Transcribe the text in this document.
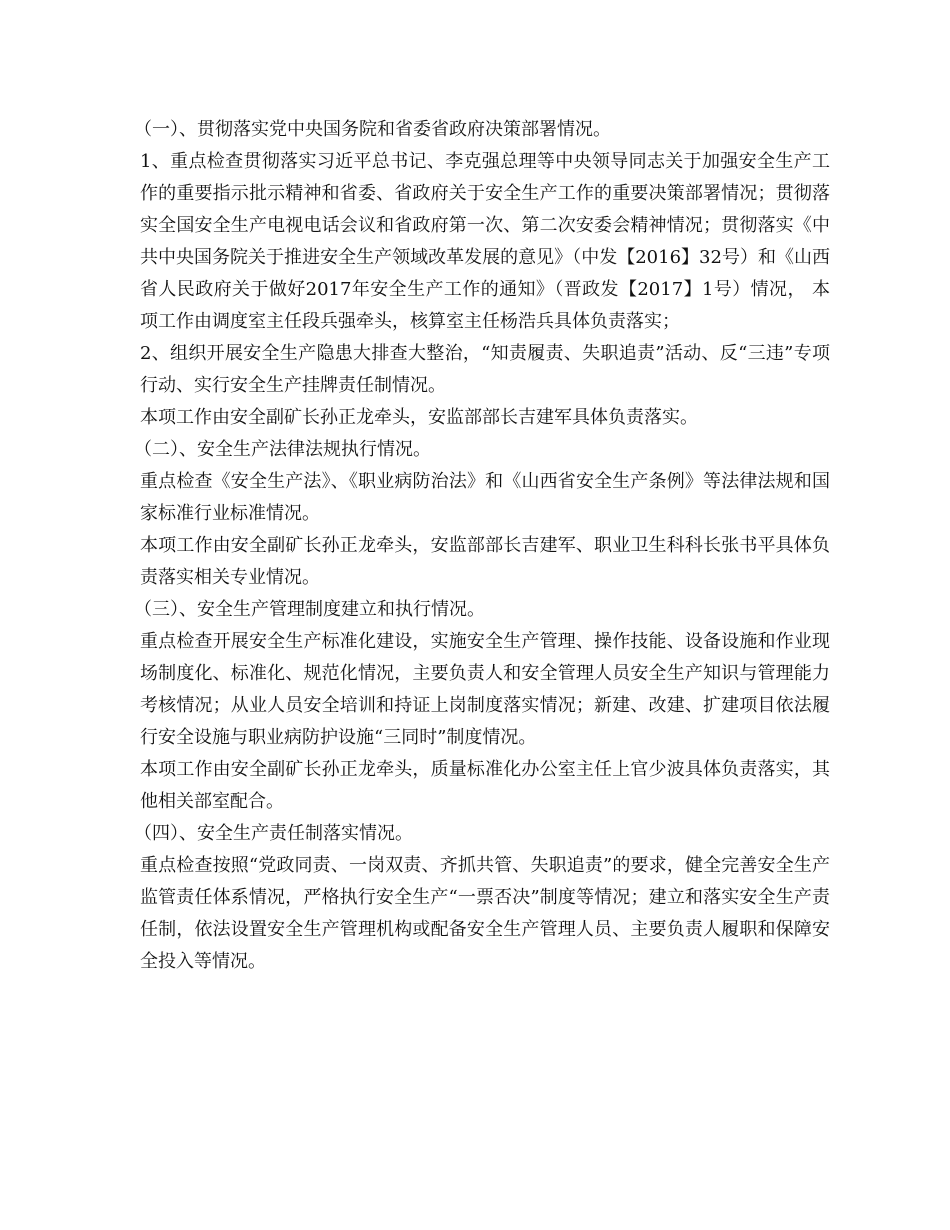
（一）、贯彻落实党中央国务院和省委省政府决策部署情况。

1、重点检查贯彻落实习近平总书记、李克强总理等中央领导同志关于加强安全生产工作的重要指示批示精神和省委、省政府关于安全生产工作的重要决策部署情况；贯彻落实全国安全生产电视电话会议和省政府第一次、第二次安委会精神情况；贯彻落实《中共中央国务院关于推进安全生产领域改革发展的意见》（中发【2016】32号）和《山西省人民政府关于做好2017年安全生产工作的通知》（晋政发【2017】1号）情况， 本项工作由调度室主任段兵强牵头，核算室主任杨浩兵具体负责落实；

2、组织开展安全生产隐患大排查大整治，“知责履责、失职追责”活动、反“三违”专项行动、实行安全生产挂牌责任制情况。

本项工作由安全副矿长孙正龙牵头，安监部部长吉建军具体负责落实。

（二）、安全生产法律法规执行情况。

重点检查《安全生产法》、《职业病防治法》和《山西省安全生产条例》等法律法规和国家标准行业标准情况。

本项工作由安全副矿长孙正龙牵头，安监部部长吉建军、职业卫生科科长张书平具体负责落实相关专业情况。

（三）、安全生产管理制度建立和执行情况。

重点检查开展安全生产标准化建设，实施安全生产管理、操作技能、设备设施和作业现场制度化、标准化、规范化情况，主要负责人和安全管理人员安全生产知识与管理能力考核情况；从业人员安全培训和持证上岗制度落实情况；新建、改建、扩建项目依法履行安全设施与职业病防护设施“三同时”制度情况。

本项工作由安全副矿长孙正龙牵头，质量标准化办公室主任上官少波具体负责落实，其他相关部室配合。

（四）、安全生产责任制落实情况。

重点检查按照“党政同责、一岗双责、齐抓共管、失职追责”的要求，健全完善安全生产监管责任体系情况，严格执行安全生产“一票否决”制度等情况；建立和落实安全生产责任制，依法设置安全生产管理机构或配备安全生产管理人员、主要负责人履职和保障安全投入等情况。
